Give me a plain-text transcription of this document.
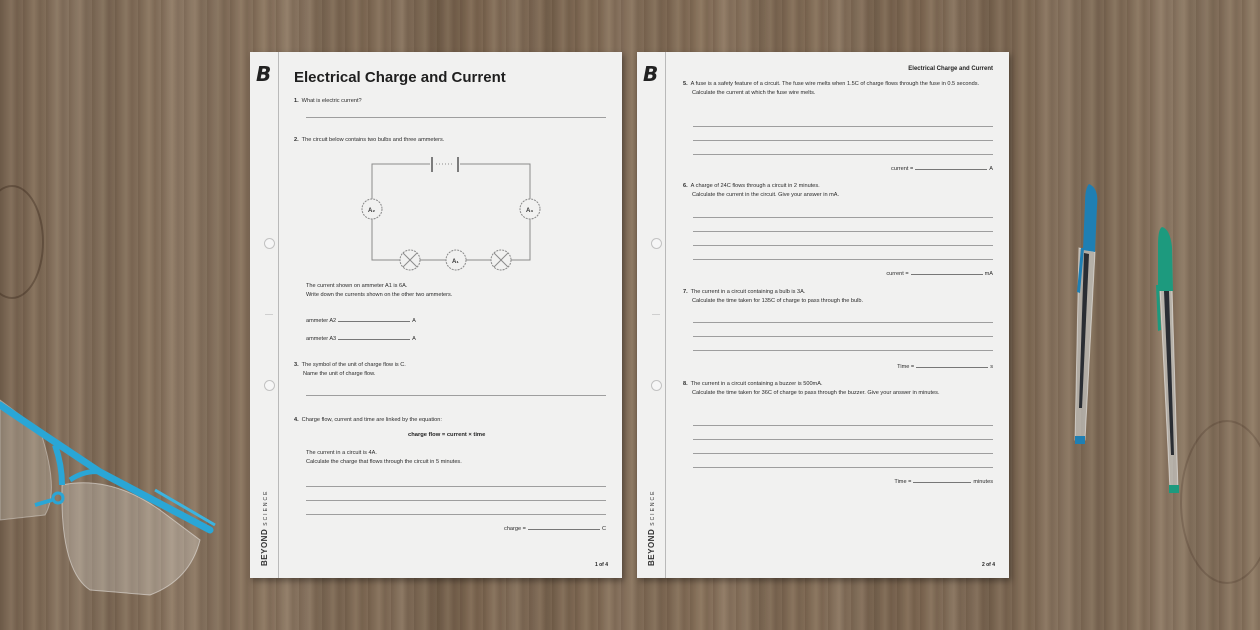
B
BEYONDSCIENCE
Electrical Charge and Current
1. What is electric current?
2. The circuit below contains two bulbs and three ammeters.
A₂	A₃
A₁
The current shown on ammeter A1 is 6A.
Write down the currents shown on the other two ammeters.
ammeter A2	A
ammeter A3	A
3. The symbol of the unit of charge flow is C.
Name the unit of charge flow.
4. Charge flow, current and time are linked by the equation:
charge flow = current × time
The current in a circuit is 4A.
Calculate the charge that flows through the circuit in 5 minutes.
charge =	C
1 of 4
B
BEYONDSCIENCE
Electrical Charge and Current
5. A fuse is a safety feature of a circuit. The fuse wire melts when 1.5C of charge flows through the fuse in 0.5 seconds.
Calculate the current at which the fuse wire melts.
current =	A
6. A charge of 24C flows through a circuit in 2 minutes.
Calculate the current in the circuit. Give your answer in mA.
current =	mA
7. The current in a circuit containing a bulb is 3A.
Calculate the time taken for 135C of charge to pass through the bulb.
Time =	s
8. The current in a circuit containing a buzzer is 500mA.
Calculate the time taken for 36C of charge to pass through the buzzer. Give your answer in minutes.
Time =	minutes
2 of 4
